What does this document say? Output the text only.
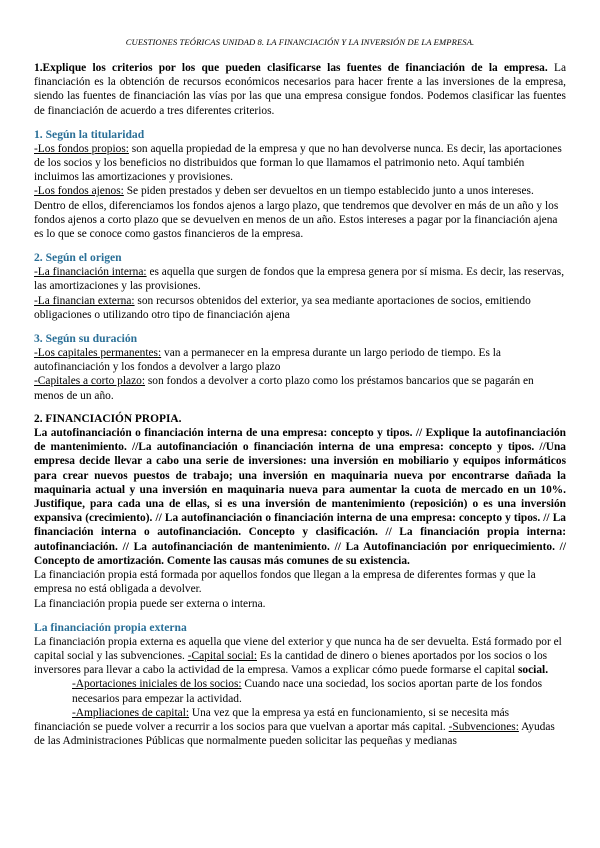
CUESTIONES TEÓRICAS UNIDAD 8. LA FINANCIACIÓN Y LA INVERSIÓN DE LA EMPRESA.

1.Explique los criterios por los que pueden clasificarse las fuentes de financiación de la empresa. La financiación es la obtención de recursos económicos necesarios para hacer frente a las inversiones de la empresa, siendo las fuentes de financiación las vías por las que una empresa consigue fondos. Podemos clasificar las fuentes de financiación de acuerdo a tres diferentes criterios.

1. Según la titularidad

-Los fondos propios: son aquella propiedad de la empresa y que no han devolverse nunca. Es decir, las aportaciones de los socios y los beneficios no distribuidos que forman lo que llamamos el patrimonio neto. Aquí también incluimos las amortizaciones y provisiones.

-Los fondos ajenos: Se piden prestados y deben ser devueltos en un tiempo establecido junto a unos intereses. Dentro de ellos, diferenciamos los fondos ajenos a largo plazo, que tendremos que devolver en más de un año y los fondos ajenos a corto plazo que se devuelven en menos de un año. Estos intereses a pagar por la financiación ajena es lo que se conoce como gastos financieros de la empresa.

2. Según el origen

-La financiación interna: es aquella que surgen de fondos que la empresa genera por sí misma. Es decir, las reservas, las amortizaciones y las provisiones.

-La financian externa: son recursos obtenidos del exterior, ya sea mediante aportaciones de socios, emitiendo obligaciones o utilizando otro tipo de financiación ajena

3. Según su duración

-Los capitales permanentes: van a permanecer en la empresa durante un largo periodo de tiempo. Es la autofinanciación y los fondos a devolver a largo plazo

-Capitales a corto plazo: son fondos a devolver a corto plazo como los préstamos bancarios que se pagarán en menos de un año.

2. FINANCIACIÓN PROPIA.

La autofinanciación o financiación interna de una empresa: concepto y tipos. // Explique la autofinanciación de mantenimiento. //La autofinanciación o financiación interna de una empresa: concepto y tipos. //Una empresa decide llevar a cabo una serie de inversiones: una inversión en mobiliario y equipos informáticos para crear nuevos puestos de trabajo; una inversión en maquinaria nueva por encontrarse dañada la maquinaria actual y una inversión en maquinaria nueva para aumentar la cuota de mercado en un 10%. Justifique, para cada una de ellas, si es una inversión de mantenimiento (reposición) o es una inversión expansiva (crecimiento). // La autofinanciación o financiación interna de una empresa: concepto y tipos. // La financiación interna o autofinanciación. Concepto y clasificación. // La financiación propia interna: autofinanciación. // La autofinanciación de mantenimiento. // La Autofinanciación por enriquecimiento. // Concepto de amortización. Comente las causas más comunes de su existencia.

La financiación propia está formada por aquellos fondos que llegan a la empresa de diferentes formas y que la empresa no está obligada a devolver.

La financiación propia puede ser externa o interna.

La financiación propia externa

La financiación propia externa es aquella que viene del exterior y que nunca ha de ser devuelta. Está formado por el capital social y las subvenciones. -Capital social: Es la cantidad de dinero o bienes aportados por los socios o los inversores para llevar a cabo la actividad de la empresa. Vamos a explicar cómo puede formarse el capital social.

-Aportaciones iniciales de los socios: Cuando nace una sociedad, los socios aportan parte de los fondos necesarios para empezar la actividad.

-Ampliaciones de capital: Una vez que la empresa ya está en funcionamiento, si se necesita más financiación se puede volver a recurrir a los socios para que vuelvan a aportar más capital. -Subvenciones: Ayudas de las Administraciones Públicas que normalmente pueden solicitar las pequeñas y medianas
